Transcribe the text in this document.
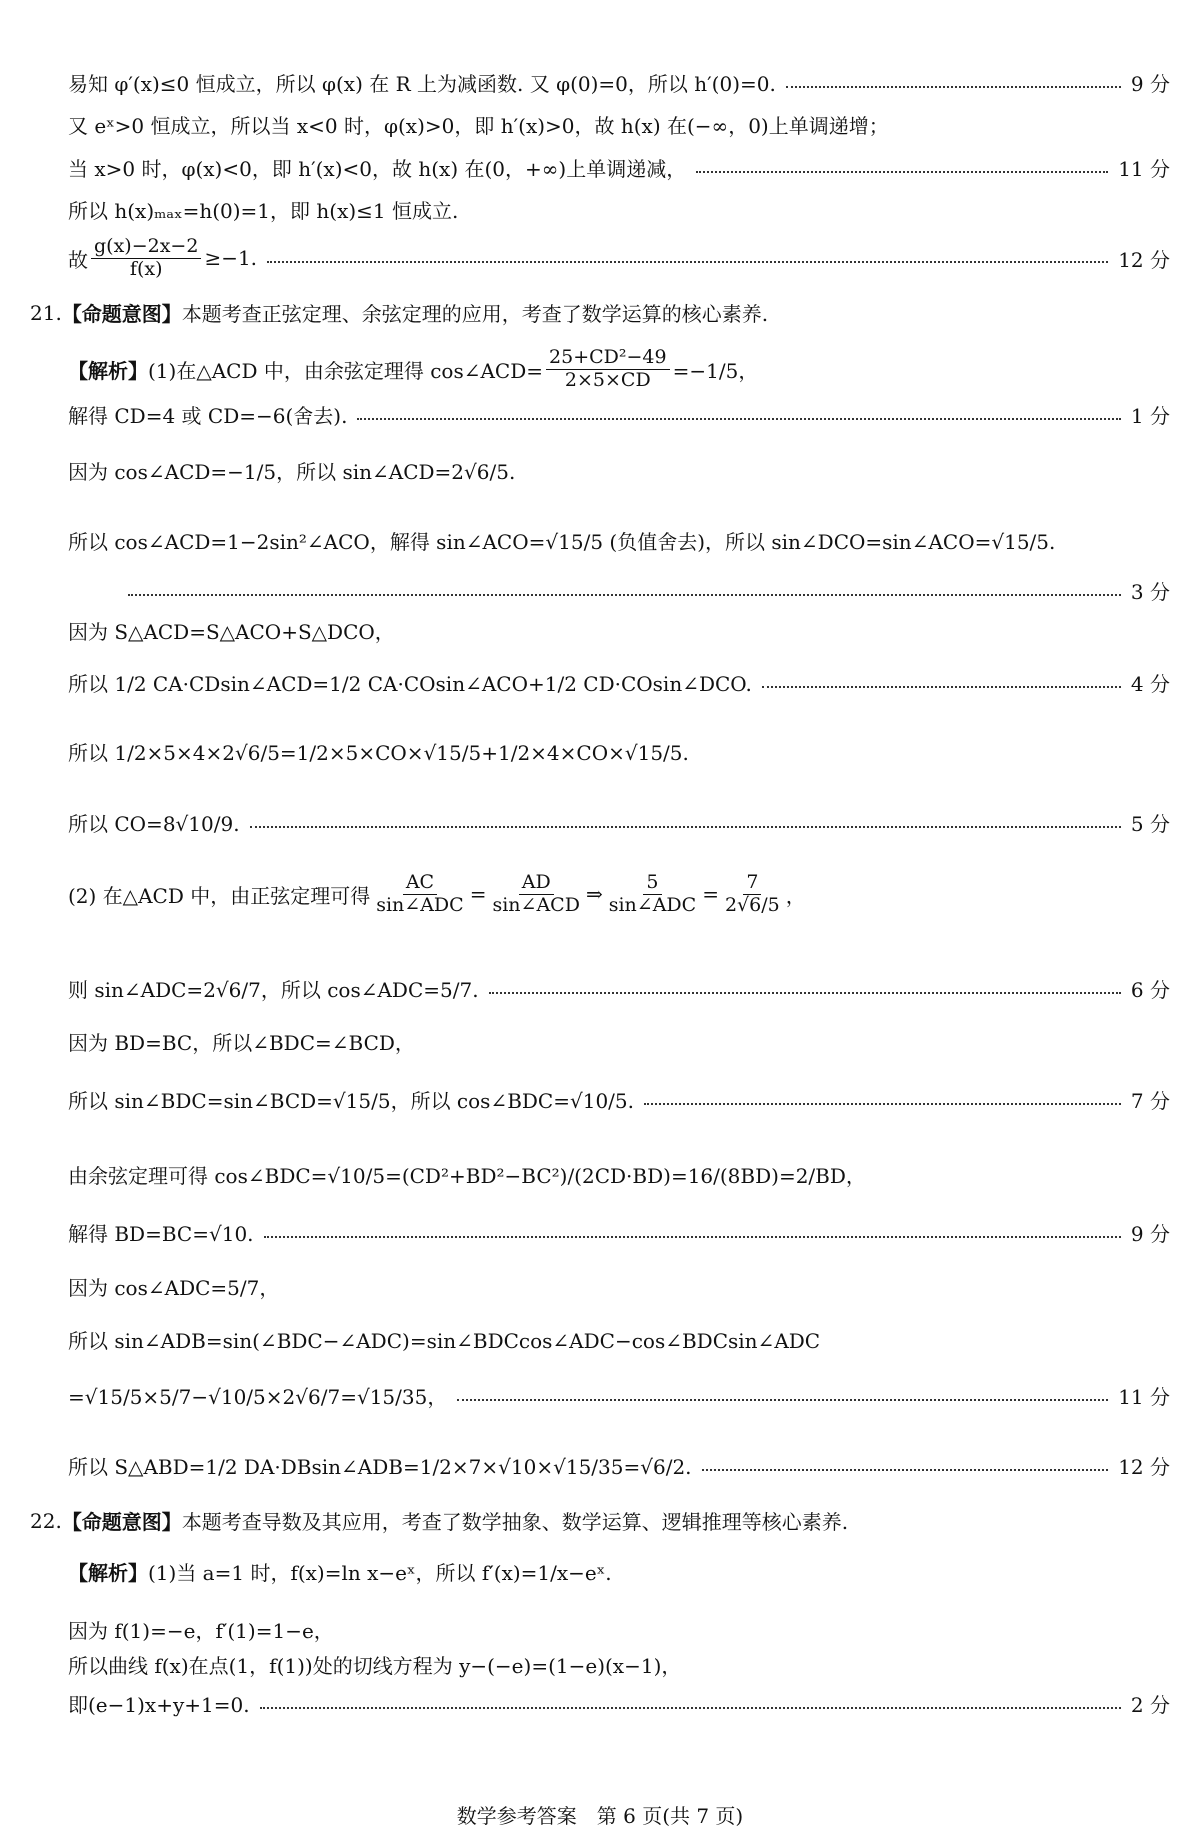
易知 φ′(x)≤0 恒成立，所以 φ(x) 在 R 上为减函数. 又 φ(0)=0，所以 h′(0)=0.	9 分
又 eˣ>0 恒成立，所以当 x<0 时，φ(x)>0，即 h′(x)>0，故 h(x) 在(−∞，0)上单调递增；
当 x>0 时，φ(x)<0，即 h′(x)<0，故 h(x) 在(0，+∞)上单调递减，	11 分
所以 h(x)ₘₐₓ=h(0)=1，即 h(x)≤1 恒成立.
故 $\frac{g(x)-2x-2}{f(x)} \ge-1$.	12 分
21. 【命题意图】 本题考查正弦定理、余弦定理的应用，考查了数学运算的核心素养.
【解析】 (1)在△ACD 中，由余弦定理得 cos∠ACD= $\frac{\text{25+CD²−49}}{2\times 5\times CD} =-1/5$，
解得 CD=4 或 CD=−6(舍去).	1 分
因为 cos∠ACD=−1/5，所以 sin∠ACD=2√6/5.
所以 cos∠ACD=1−2sin²∠ACO，解得 sin∠ACO=√15/5 (负值舍去)，所以 sin∠DCO=sin∠ACO=√15/5.
3 分
因为 S△ACD=S△ACO+S△DCO，
所以 1/2 CA·CDsin∠ACD=1/2 CA·COsin∠ACO+1/2 CD·COsin∠DCO.	4 分
所以 1/2×5×4×2√6/5=1/2×5×CO×√15/5+1/2×4×CO×√15/5.
所以 CO=8√10/9.	5 分
(2) 在△ACD 中，由正弦定理可得 $\frac{AC}{\text{sin∠ADC}} = \frac{AD}{\text{sin∠ACD}}$ ⇒ $\frac{5}{\text{sin∠ADC}} = \frac{7}{2√6/5}$ ，
则 sin∠ADC=2√6/7，所以 cos∠ADC=5/7.	6 分
因为 BD=BC，所以∠BDC=∠BCD，
所以 sin∠BDC=sin∠BCD=√15/5，所以 cos∠BDC=√10/5.	7 分
由余弦定理可得 cos∠BDC=√10/5=(CD²+BD²−BC²)/(2CD·BD)=16/(8BD)=2/BD，
解得 BD=BC=√10.	9 分
因为 cos∠ADC=5/7，
所以 sin∠ADB=sin(∠BDC−∠ADC)=sin∠BDCcos∠ADC−cos∠BDCsin∠ADC
=√15/5×5/7−√10/5×2√6/7=√15/35，	11 分
所以 S△ABD=1/2 DA·DBsin∠ADB=1/2×7×√10×√15/35=√6/2.	12 分
22. 【命题意图】 本题考查导数及其应用，考查了数学抽象、数学运算、逻辑推理等核心素养.
【解析】 (1)当 a=1 时，f(x)=ln x−eˣ，所以 f′(x)=1/x−eˣ.
因为 f(1)=−e，f′(1)=1−e，
所以曲线 f(x)在点(1，f(1))处的切线方程为 y−(−e)=(1−e)(x−1)，
即(e−1)x+y+1=0.	2 分
数学参考答案　第 6 页(共 7 页)
